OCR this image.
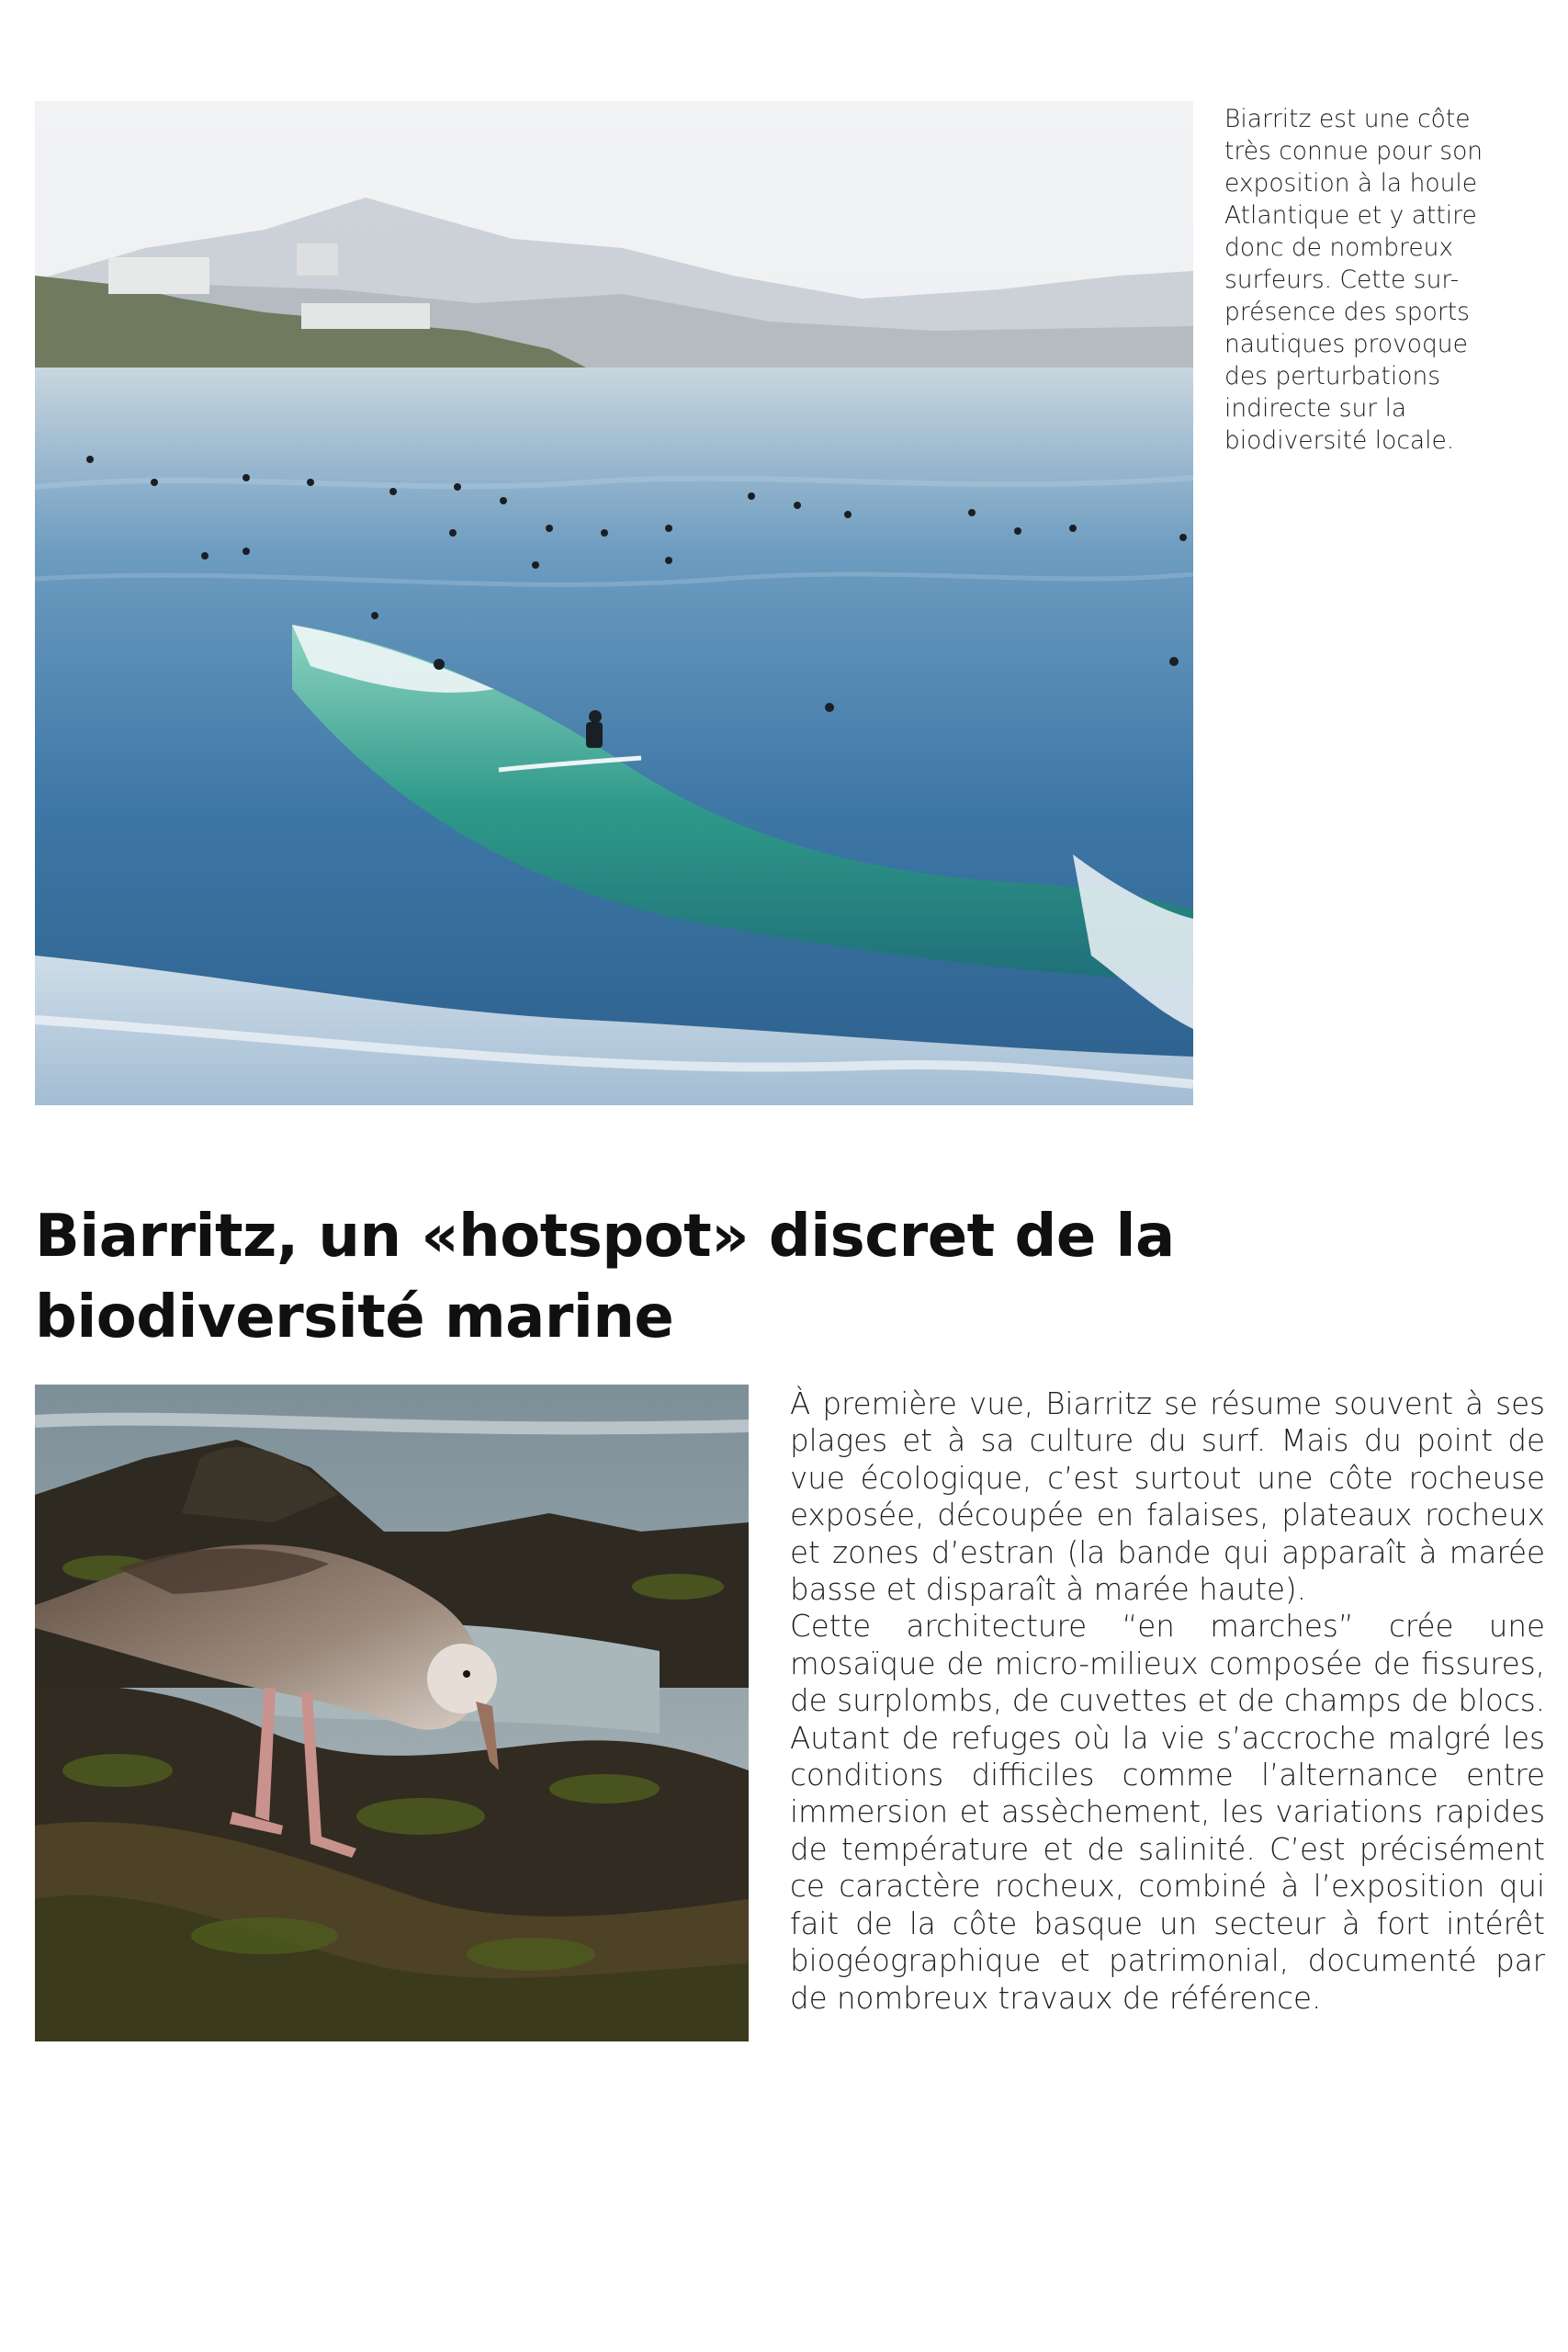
Biarritz est une côte
très connue pour son
exposition à la houle
Atlantique et y attire
donc de nombreux
surfeurs. Cette sur-
présence des sports
nautiques provoque
des perturbations
indirecte sur la
biodiversité locale.

Biarritz, un «hotspot» discret de la biodiversité marine

À première vue, Biarritz se résume souvent à ses plages et à sa culture du surf. Mais du point de vue écologique, c’est surtout une côte rocheuse exposée, découpée en falaises, plateaux rocheux et zones d’estran (la bande qui apparaît à marée basse et disparaît à marée haute).

Cette architecture “en marches” crée une mosaïque de micro-milieux composée de fissures, de surplombs, de cuvettes et de champs de blocs. Autant de refuges où la vie s’accroche malgré les conditions difficiles comme l’alternance entre immersion et assèchement, les variations rapides de température et de salinité. C’est précisément ce caractère rocheux, combiné à l’exposition qui fait de la côte basque un secteur à fort intérêt biogéographique et patrimonial, documenté par de nombreux travaux de référence.
